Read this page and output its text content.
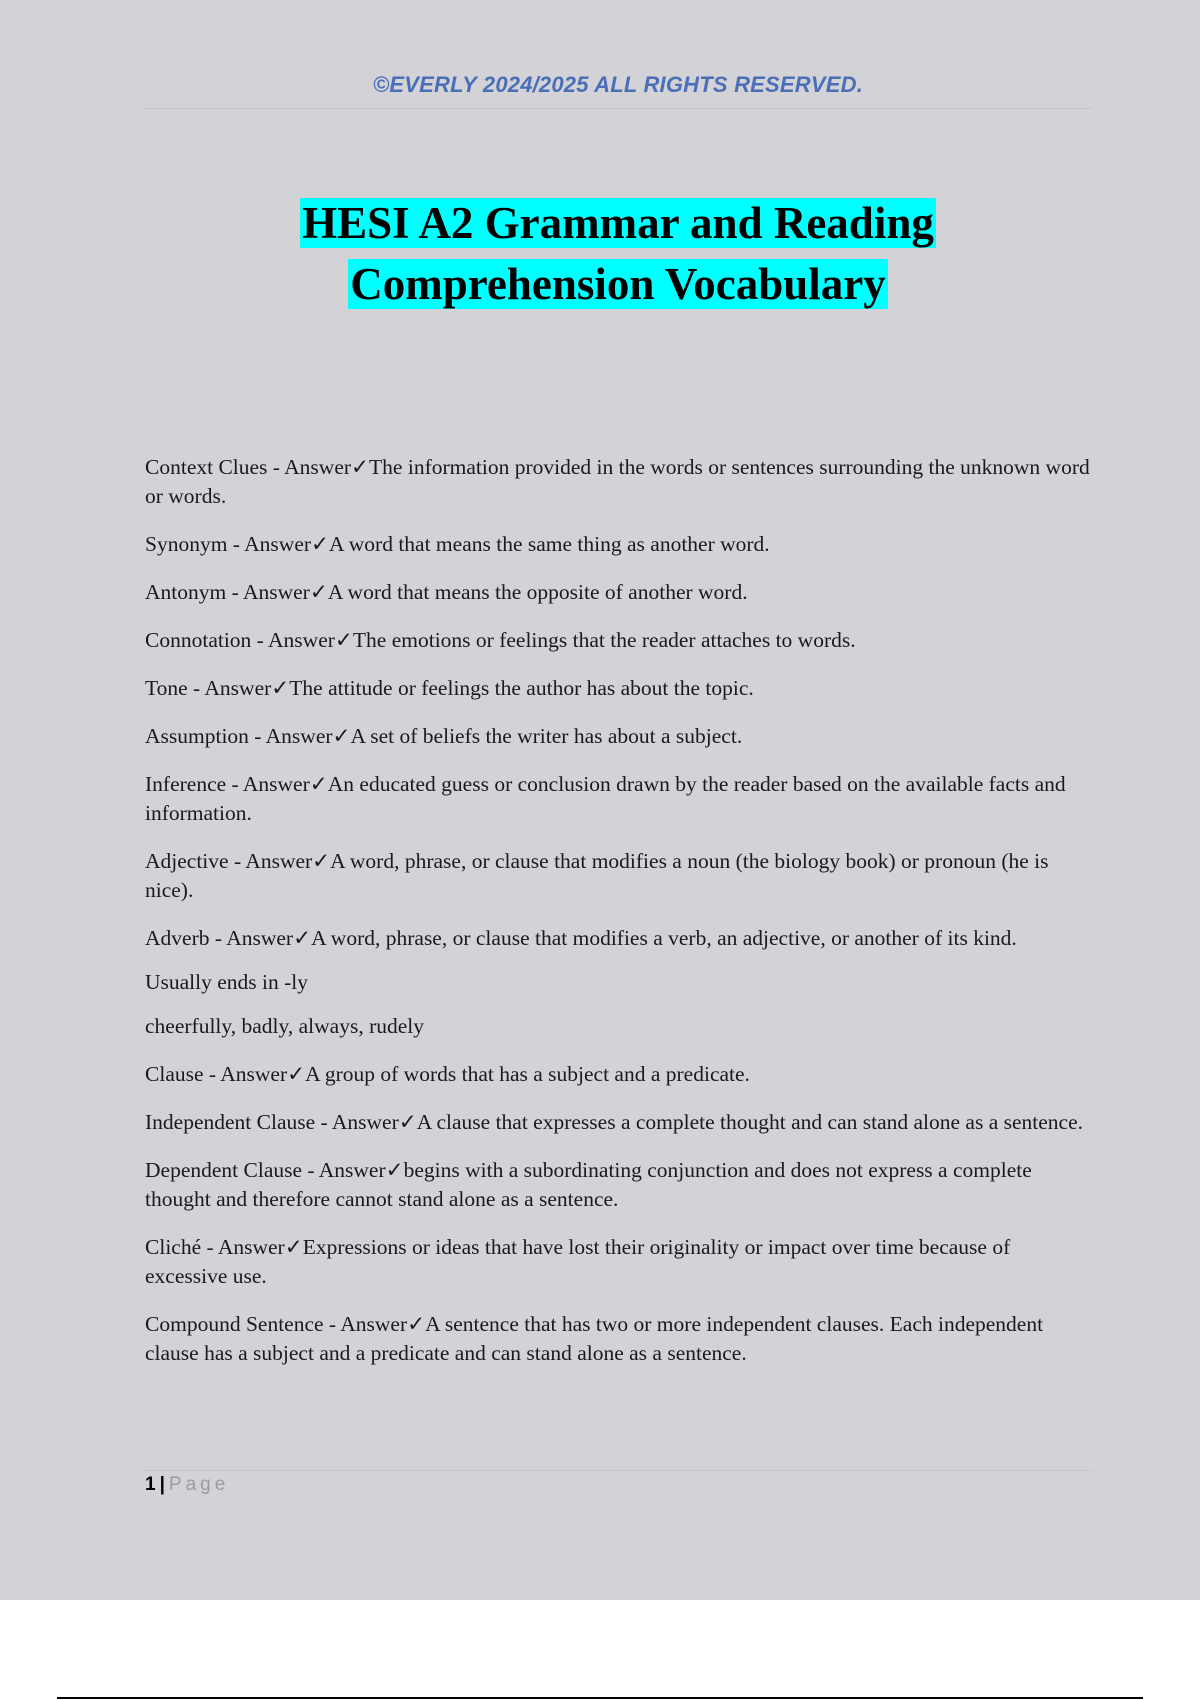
©EVERLY 2024/2025 ALL RIGHTS RESERVED.
HESI A2 Grammar and Reading
Comprehension Vocabulary

Context Clues - Answer✓The information provided in the words or sentences surrounding the unknown word or words.

Synonym - Answer✓A word that means the same thing as another word.

Antonym - Answer✓A word that means the opposite of another word.

Connotation - Answer✓The emotions or feelings that the reader attaches to words.

Tone - Answer✓The attitude or feelings the author has about the topic.

Assumption - Answer✓A set of beliefs the writer has about a subject.

Inference - Answer✓An educated guess or conclusion drawn by the reader based on the available facts and information.

Adjective - Answer✓A word, phrase, or clause that modifies a noun (the biology book) or pronoun (he is nice).

Adverb - Answer✓A word, phrase, or clause that modifies a verb, an adjective, or another of its kind.

Usually ends in -ly

cheerfully, badly, always, rudely

Clause - Answer✓A group of words that has a subject and a predicate.

Independent Clause - Answer✓A clause that expresses a complete thought and can stand alone as a sentence.

Dependent Clause - Answer✓begins with a subordinating conjunction and does not express a complete thought and therefore cannot stand alone as a sentence.

Cliché - Answer✓Expressions or ideas that have lost their originality or impact over time because of excessive use.

Compound Sentence - Answer✓A sentence that has two or more independent clauses. Each independent clause has a subject and a predicate and can stand alone as a sentence.

1 | Page
